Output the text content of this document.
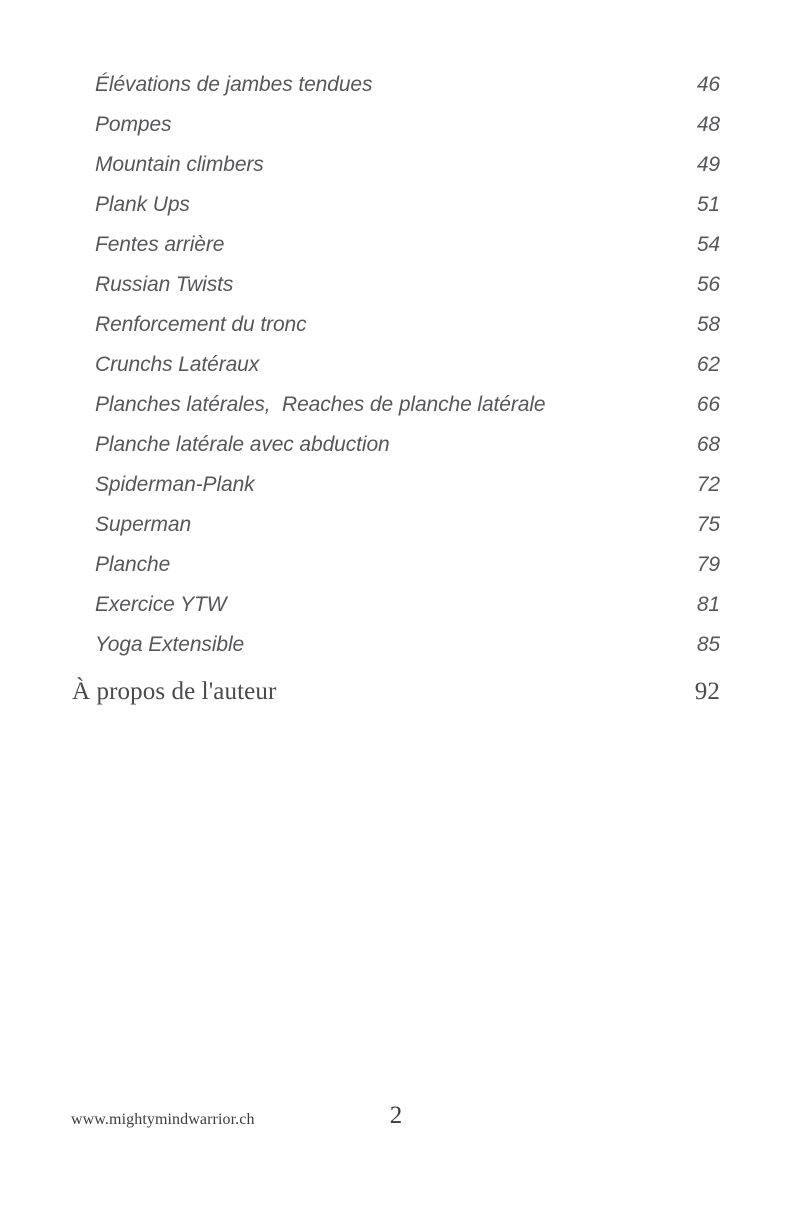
Élévations de jambes tendues	46
Pompes	48
Mountain climbers	49
Plank Ups	51
Fentes arrière	54
Russian Twists	56
Renforcement du tronc	58
Crunchs Latéraux	62
Planches latérales,  Reaches de planche latérale	66
Planche latérale avec abduction	68
Spiderman-Plank	72
Superman	75
Planche	79
Exercice YTW	81
Yoga Extensible	85
À propos de l'auteur	92
www.mightymindwarrior.ch	2
